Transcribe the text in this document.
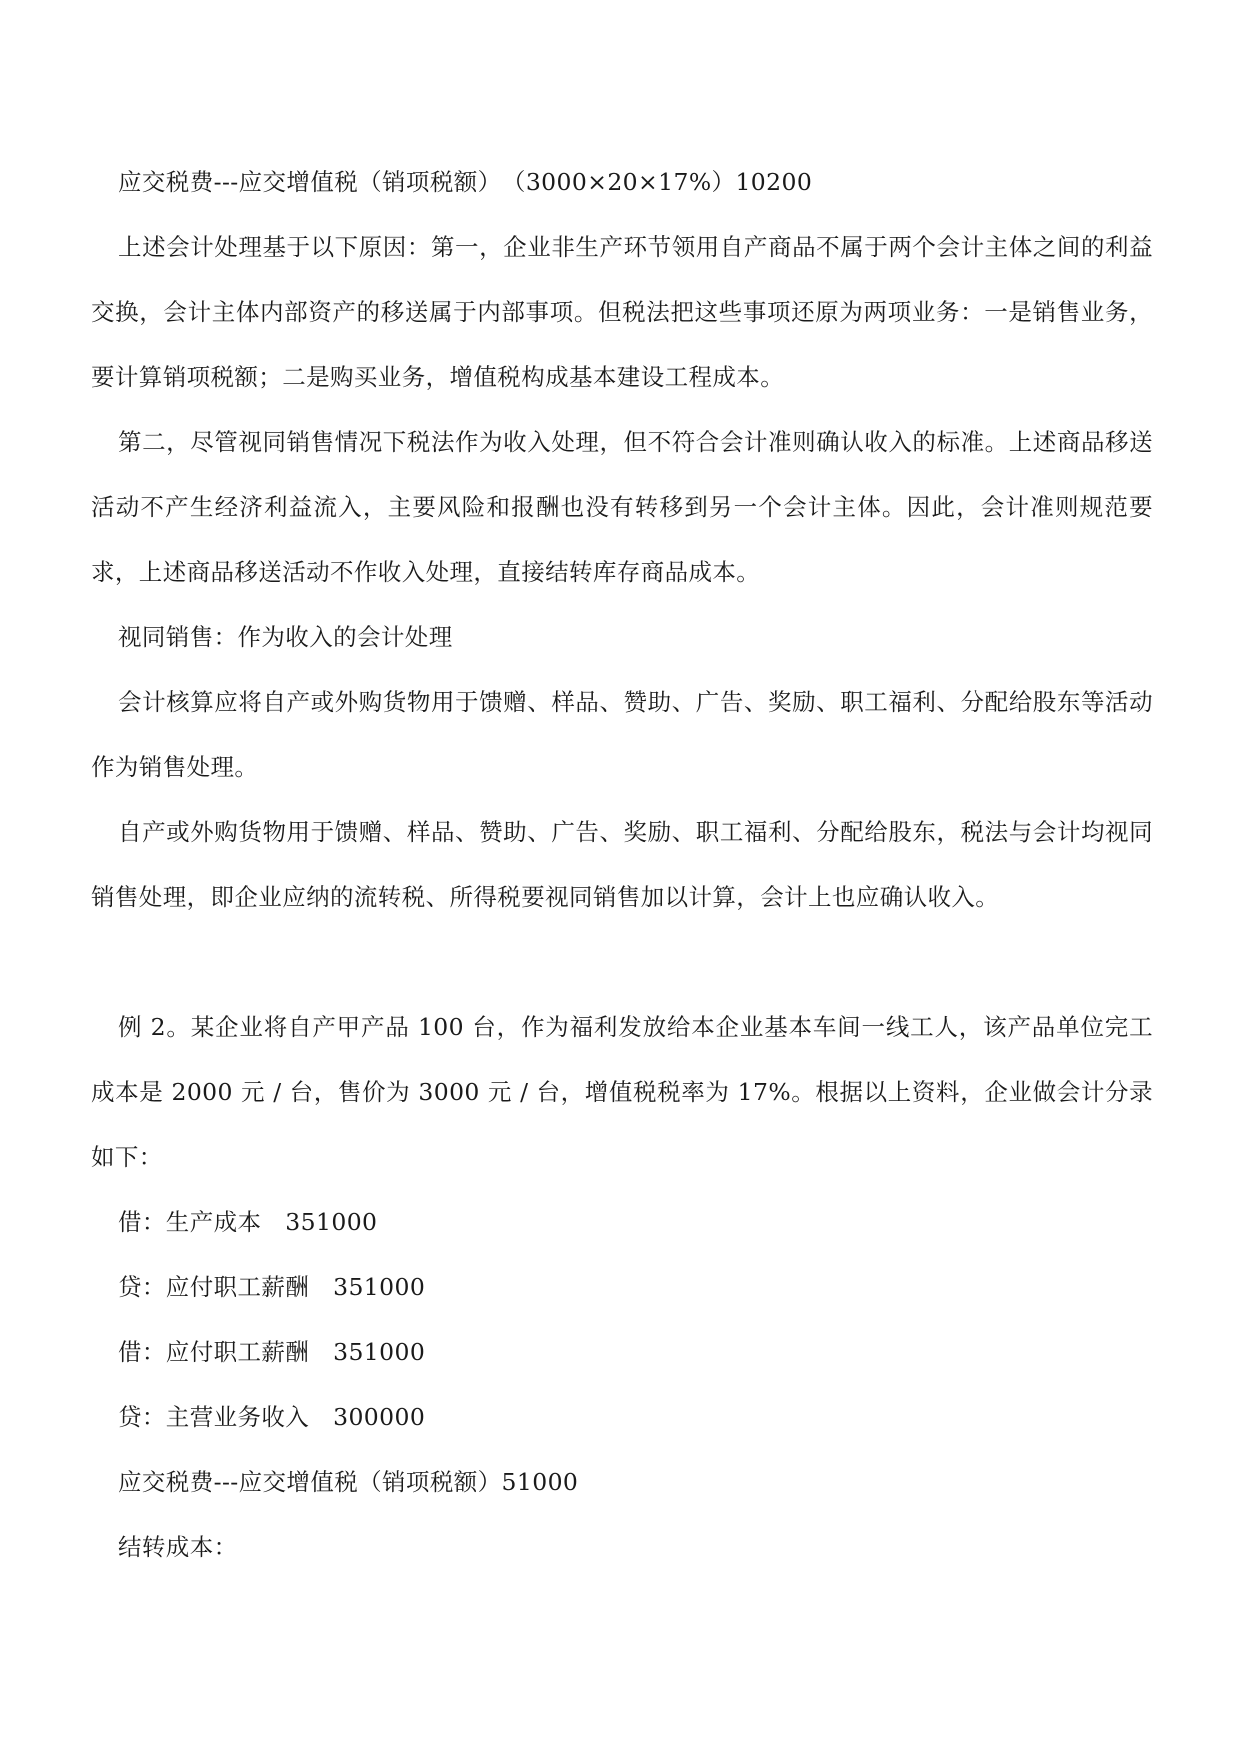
应交税费---应交增值税（销项税额）　（3000×20×17%）10200

上述会计处理基于以下原因：第一，企业非生产环节领用自产商品不属于两个会计主体之间的利益交换，会计主体内部资产的移送属于内部事项。但税法把这些事项还原为两项业务：一是销售业务，要计算销项税额；二是购买业务，增值税构成基本建设工程成本。

第二，尽管视同销售情况下税法作为收入处理，但不符合会计准则确认收入的标准。上述商品移送活动不产生经济利益流入，主要风险和报酬也没有转移到另一个会计主体。因此，会计准则规范要求，上述商品移送活动不作收入处理，直接结转库存商品成本。

视同销售：作为收入的会计处理

会计核算应将自产或外购货物用于馈赠、样品、赞助、广告、奖励、职工福利、分配给股东等活动作为销售处理。

自产或外购货物用于馈赠、样品、赞助、广告、奖励、职工福利、分配给股东，税法与会计均视同销售处理，即企业应纳的流转税、所得税要视同销售加以计算，会计上也应确认收入。

例 2。某企业将自产甲产品 100 台，作为福利发放给本企业基本车间一线工人，该产品单位完工成本是 2000 元 / 台，售价为 3000 元 / 台，增值税税率为 17%。根据以上资料，企业做会计分录如下：

借：生产成本　351000

贷：应付职工薪酬　351000

借：应付职工薪酬　351000

贷：主营业务收入　300000

应交税费---应交增值税（销项税额）51000

结转成本：
